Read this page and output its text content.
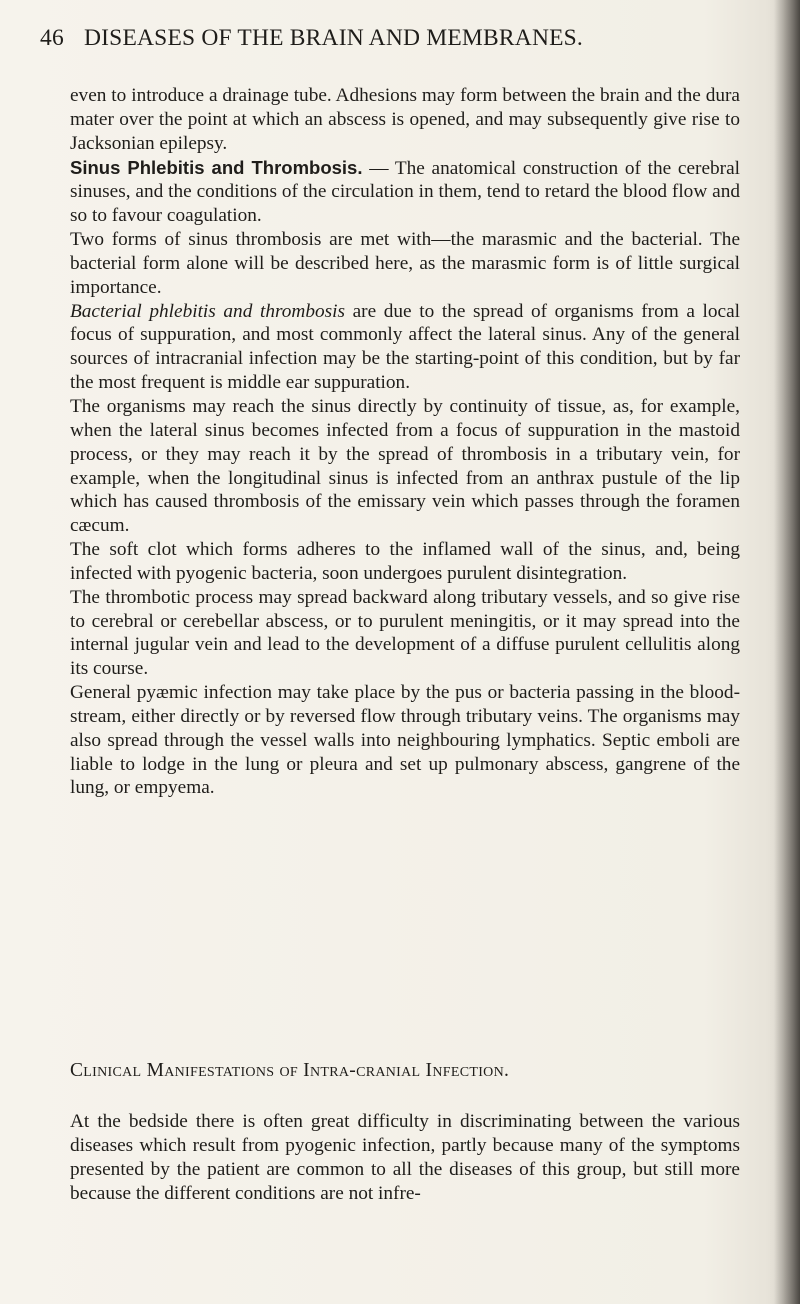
46 DISEASES OF THE BRAIN AND MEMBRANES.

even to introduce a drainage tube. Adhesions may form between the brain and the dura mater over the point at which an abscess is opened, and may subsequently give rise to Jacksonian epilepsy.

Sinus Phlebitis and Thrombosis. — The anatomical construction of the cerebral sinuses, and the conditions of the circulation in them, tend to retard the blood flow and so to favour coagulation.

Two forms of sinus thrombosis are met with—the marasmic and the bacterial. The bacterial form alone will be described here, as the marasmic form is of little surgical importance.

Bacterial phlebitis and thrombosis are due to the spread of organisms from a local focus of suppuration, and most commonly affect the lateral sinus. Any of the general sources of intracranial infection may be the starting-point of this condition, but by far the most frequent is middle ear suppuration.

The organisms may reach the sinus directly by continuity of tissue, as, for example, when the lateral sinus becomes infected from a focus of suppuration in the mastoid process, or they may reach it by the spread of thrombosis in a tributary vein, for example, when the longitudinal sinus is infected from an anthrax pustule of the lip which has caused thrombosis of the emissary vein which passes through the foramen cæcum.

The soft clot which forms adheres to the inflamed wall of the sinus, and, being infected with pyogenic bacteria, soon undergoes purulent disintegration.

The thrombotic process may spread backward along tributary vessels, and so give rise to cerebral or cerebellar abscess, or to purulent meningitis, or it may spread into the internal jugular vein and lead to the development of a diffuse purulent cellulitis along its course.

General pyæmic infection may take place by the pus or bacteria passing in the blood-stream, either directly or by reversed flow through tributary veins. The organisms may also spread through the vessel walls into neighbouring lymphatics. Septic emboli are liable to lodge in the lung or pleura and set up pulmonary abscess, gangrene of the lung, or empyema.

Clinical Manifestations of Intra-cranial Infection.

At the bedside there is often great difficulty in discriminating between the various diseases which result from pyogenic infection, partly because many of the symptoms presented by the patient are common to all the diseases of this group, but still more because the different conditions are not infre-
